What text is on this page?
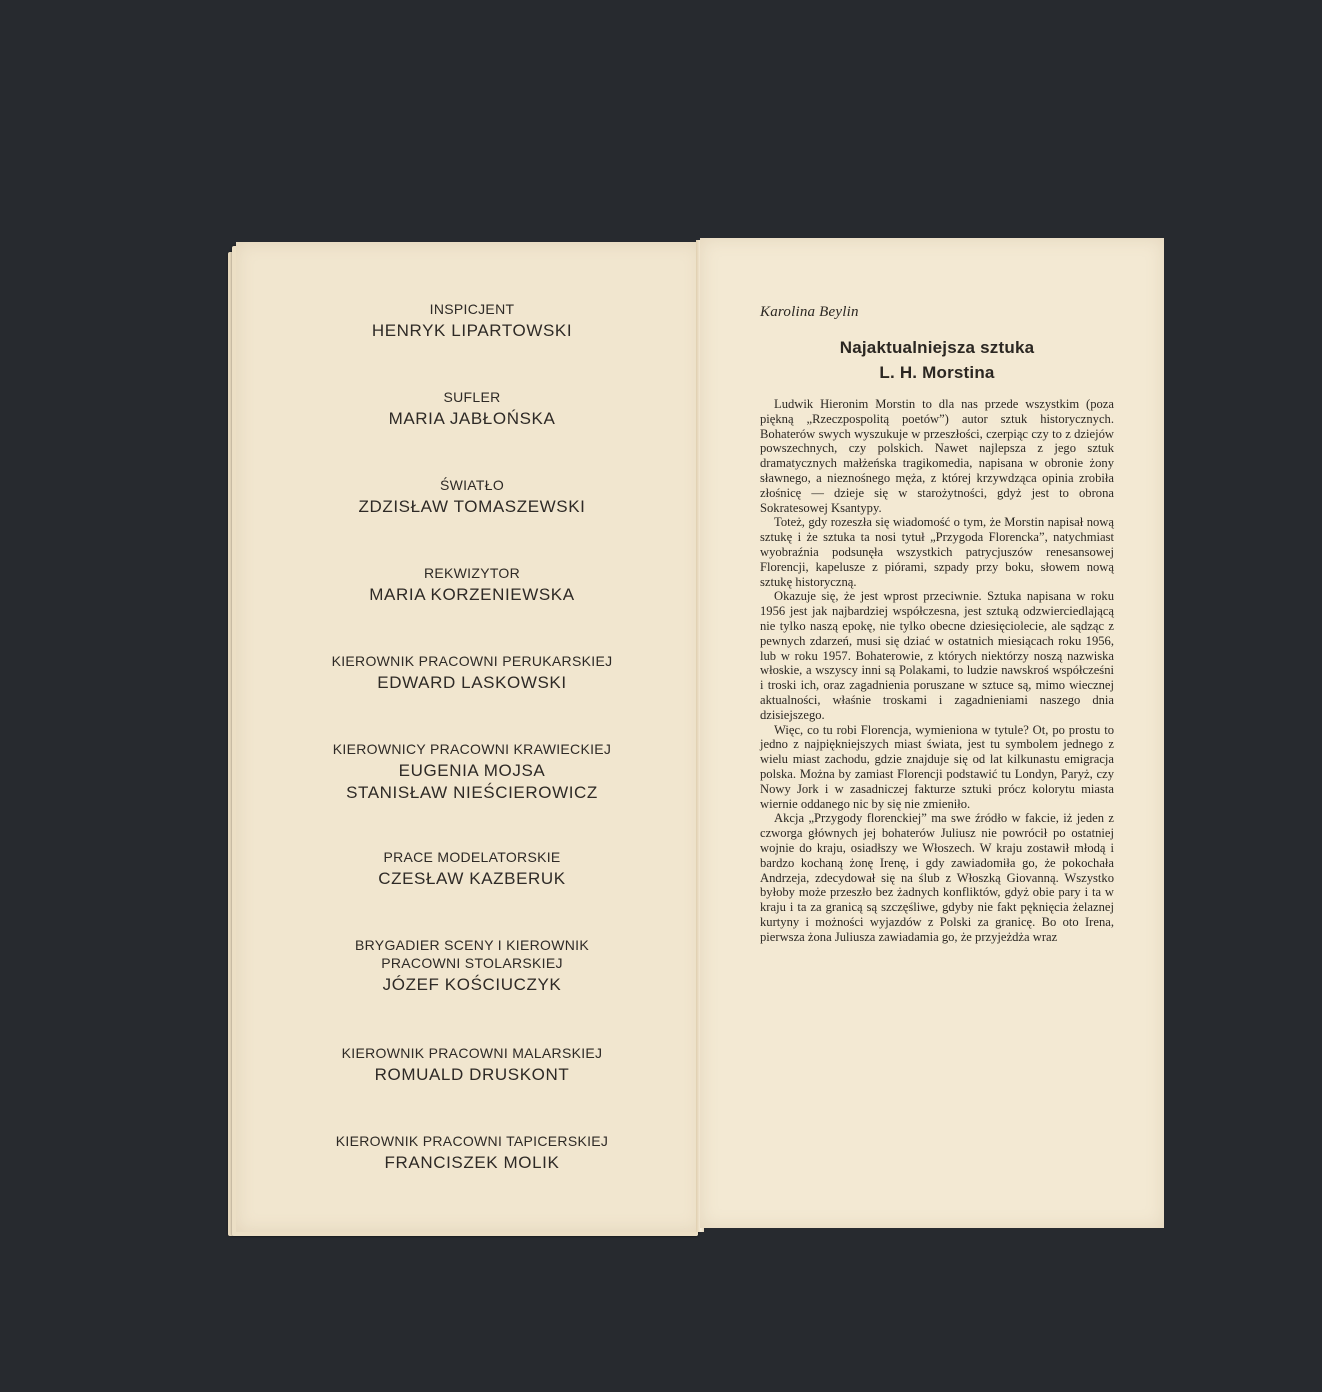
INSPICJENT

HENRYK LIPARTOWSKI

SUFLER

MARIA JABŁOŃSKA

ŚWIATŁO

ZDZISŁAW TOMASZEWSKI

REKWIZYTOR

MARIA KORZENIEWSKA

KIEROWNIK PRACOWNI PERUKARSKIEJ

EDWARD LASKOWSKI

KIEROWNICY PRACOWNI KRAWIECKIEJ

EUGENIA MOJSA

STANISŁAW NIEŚCIEROWICZ

PRACE MODELATORSKIE

CZESŁAW KAZBERUK

BRYGADIER SCENY I KIEROWNIK PRACOWNI STOLARSKIEJ

JÓZEF KOŚCIUCZYK

KIEROWNIK PRACOWNI MALARSKIEJ

ROMUALD DRUSKONT

KIEROWNIK PRACOWNI TAPICERSKIEJ

FRANCISZEK MOLIK

Karolina Beylin

Najaktualniejsza sztuka
L. H. Morstina

Ludwik Hieronim Morstin to dla nas przede wszystkim (poza piękną „Rzeczpospolitą poetów”) autor sztuk historycznych. Bohaterów swych wyszukuje w przeszłości, czerpiąc czy to z dziejów powszechnych, czy polskich. Nawet najlepsza z jego sztuk dramatycznych małżeńska tragikomedia, napisana w obronie żony sławnego, a nieznośnego męża, z której krzywdząca opinia zrobiła złośnicę — dzieje się w starożytności, gdyż jest to obrona Sokratesowej Ksantypy.

Toteż, gdy rozeszła się wiadomość o tym, że Morstin napisał nową sztukę i że sztuka ta nosi tytuł „Przygoda Florencka”, natychmiast wyobraźnia podsunęła wszystkich patrycjuszów renesansowej Florencji, kapelusze z piórami, szpady przy boku, słowem nową sztukę historyczną.

Okazuje się, że jest wprost przeciwnie. Sztuka napisana w roku 1956 jest jak najbardziej współczesna, jest sztuką odzwierciedlającą nie tylko naszą epokę, nie tylko obecne dziesięciolecie, ale sądząc z pewnych zdarzeń, musi się dziać w ostatnich miesiącach roku 1956, lub w roku 1957. Bohaterowie, z których niektórzy noszą nazwiska włoskie, a wszyscy inni są Polakami, to ludzie nawskroś współcześni i troski ich, oraz zagadnienia poruszane w sztuce są, mimo wiecznej aktualności, właśnie troskami i zagadnieniami naszego dnia dzisiejszego.

Więc, co tu robi Florencja, wymieniona w tytule? Ot, po prostu to jedno z najpiękniejszych miast świata, jest tu symbolem jednego z wielu miast zachodu, gdzie znajduje się od lat kilkunastu emigracja polska. Można by zamiast Florencji podstawić tu Londyn, Paryż, czy Nowy Jork i w zasadniczej fakturze sztuki prócz kolorytu miasta wiernie oddanego nic by się nie zmieniło.

Akcja „Przygody florenckiej” ma swe źródło w fakcie, iż jeden z czworga głównych jej bohaterów Juliusz nie powrócił po ostatniej wojnie do kraju, osiadłszy we Włoszech. W kraju zostawił młodą i bardzo kochaną żonę Irenę, i gdy zawiadomiła go, że pokochała Andrzeja, zdecydował się na ślub z Włoszką Giovanną. Wszystko byłoby może przeszło bez żadnych konfliktów, gdyż obie pary i ta w kraju i ta za granicą są szczęśliwe, gdyby nie fakt pęknięcia żelaznej kurtyny i możności wyjazdów z Polski za granicę. Bo oto Irena, pierwsza żona Juliusza zawiadamia go, że przyjeżdża wraz
